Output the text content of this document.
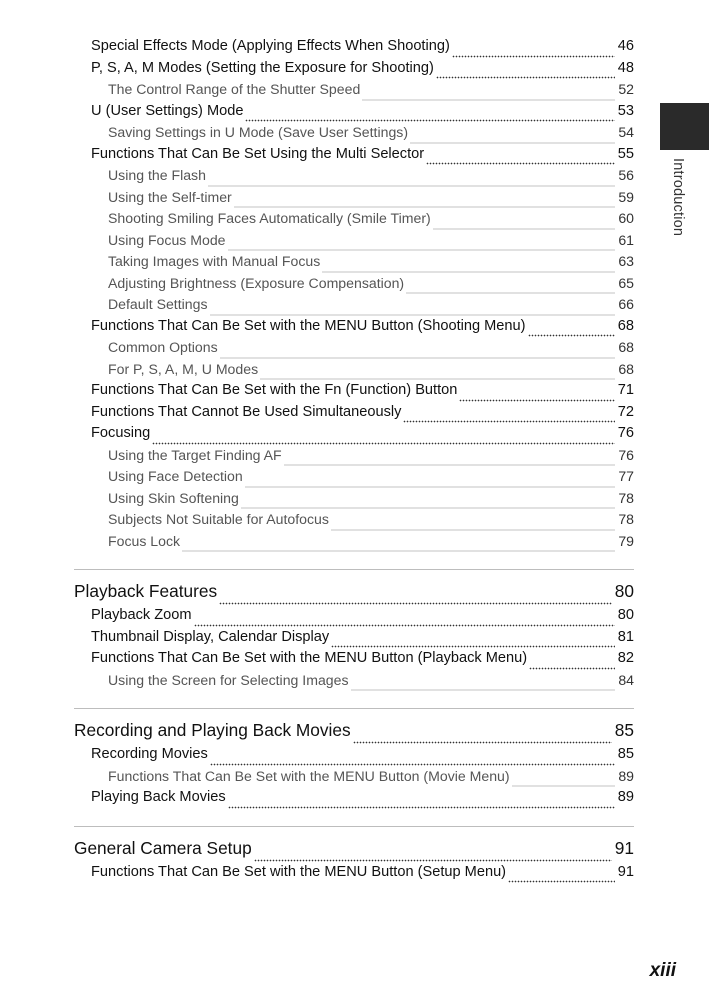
Special Effects Mode (Applying Effects When Shooting)	46
P, S, A, M Modes (Setting the Exposure for Shooting)	48
The Control Range of the Shutter Speed	52
U (User Settings) Mode	53
Saving Settings in U Mode (Save User Settings)	54
Functions That Can Be Set Using the Multi Selector	55
Using the Flash	56
Using the Self-timer	59
Shooting Smiling Faces Automatically (Smile Timer)	60
Using Focus Mode	61
Taking Images with Manual Focus	63
Adjusting Brightness (Exposure Compensation)	65
Default Settings	66
Functions That Can Be Set with the MENU Button (Shooting Menu)	68
Common Options	68
For P, S, A, M, U Modes	68
Functions That Can Be Set with the Fn (Function) Button	71
Functions That Cannot Be Used Simultaneously	72
Focusing	76
Using the Target Finding AF	76
Using Face Detection	77
Using Skin Softening	78
Subjects Not Suitable for Autofocus	78
Focus Lock	79
Playback Features	80
Playback Zoom	80
Thumbnail Display, Calendar Display	81
Functions That Can Be Set with the MENU Button (Playback Menu)	82
Using the Screen for Selecting Images	84
Recording and Playing Back Movies	85
Recording Movies	85
Functions That Can Be Set with the MENU Button (Movie Menu)	89
Playing Back Movies	89
General Camera Setup	91
Functions That Can Be Set with the MENU Button (Setup Menu)	91
Introduction
xiii
